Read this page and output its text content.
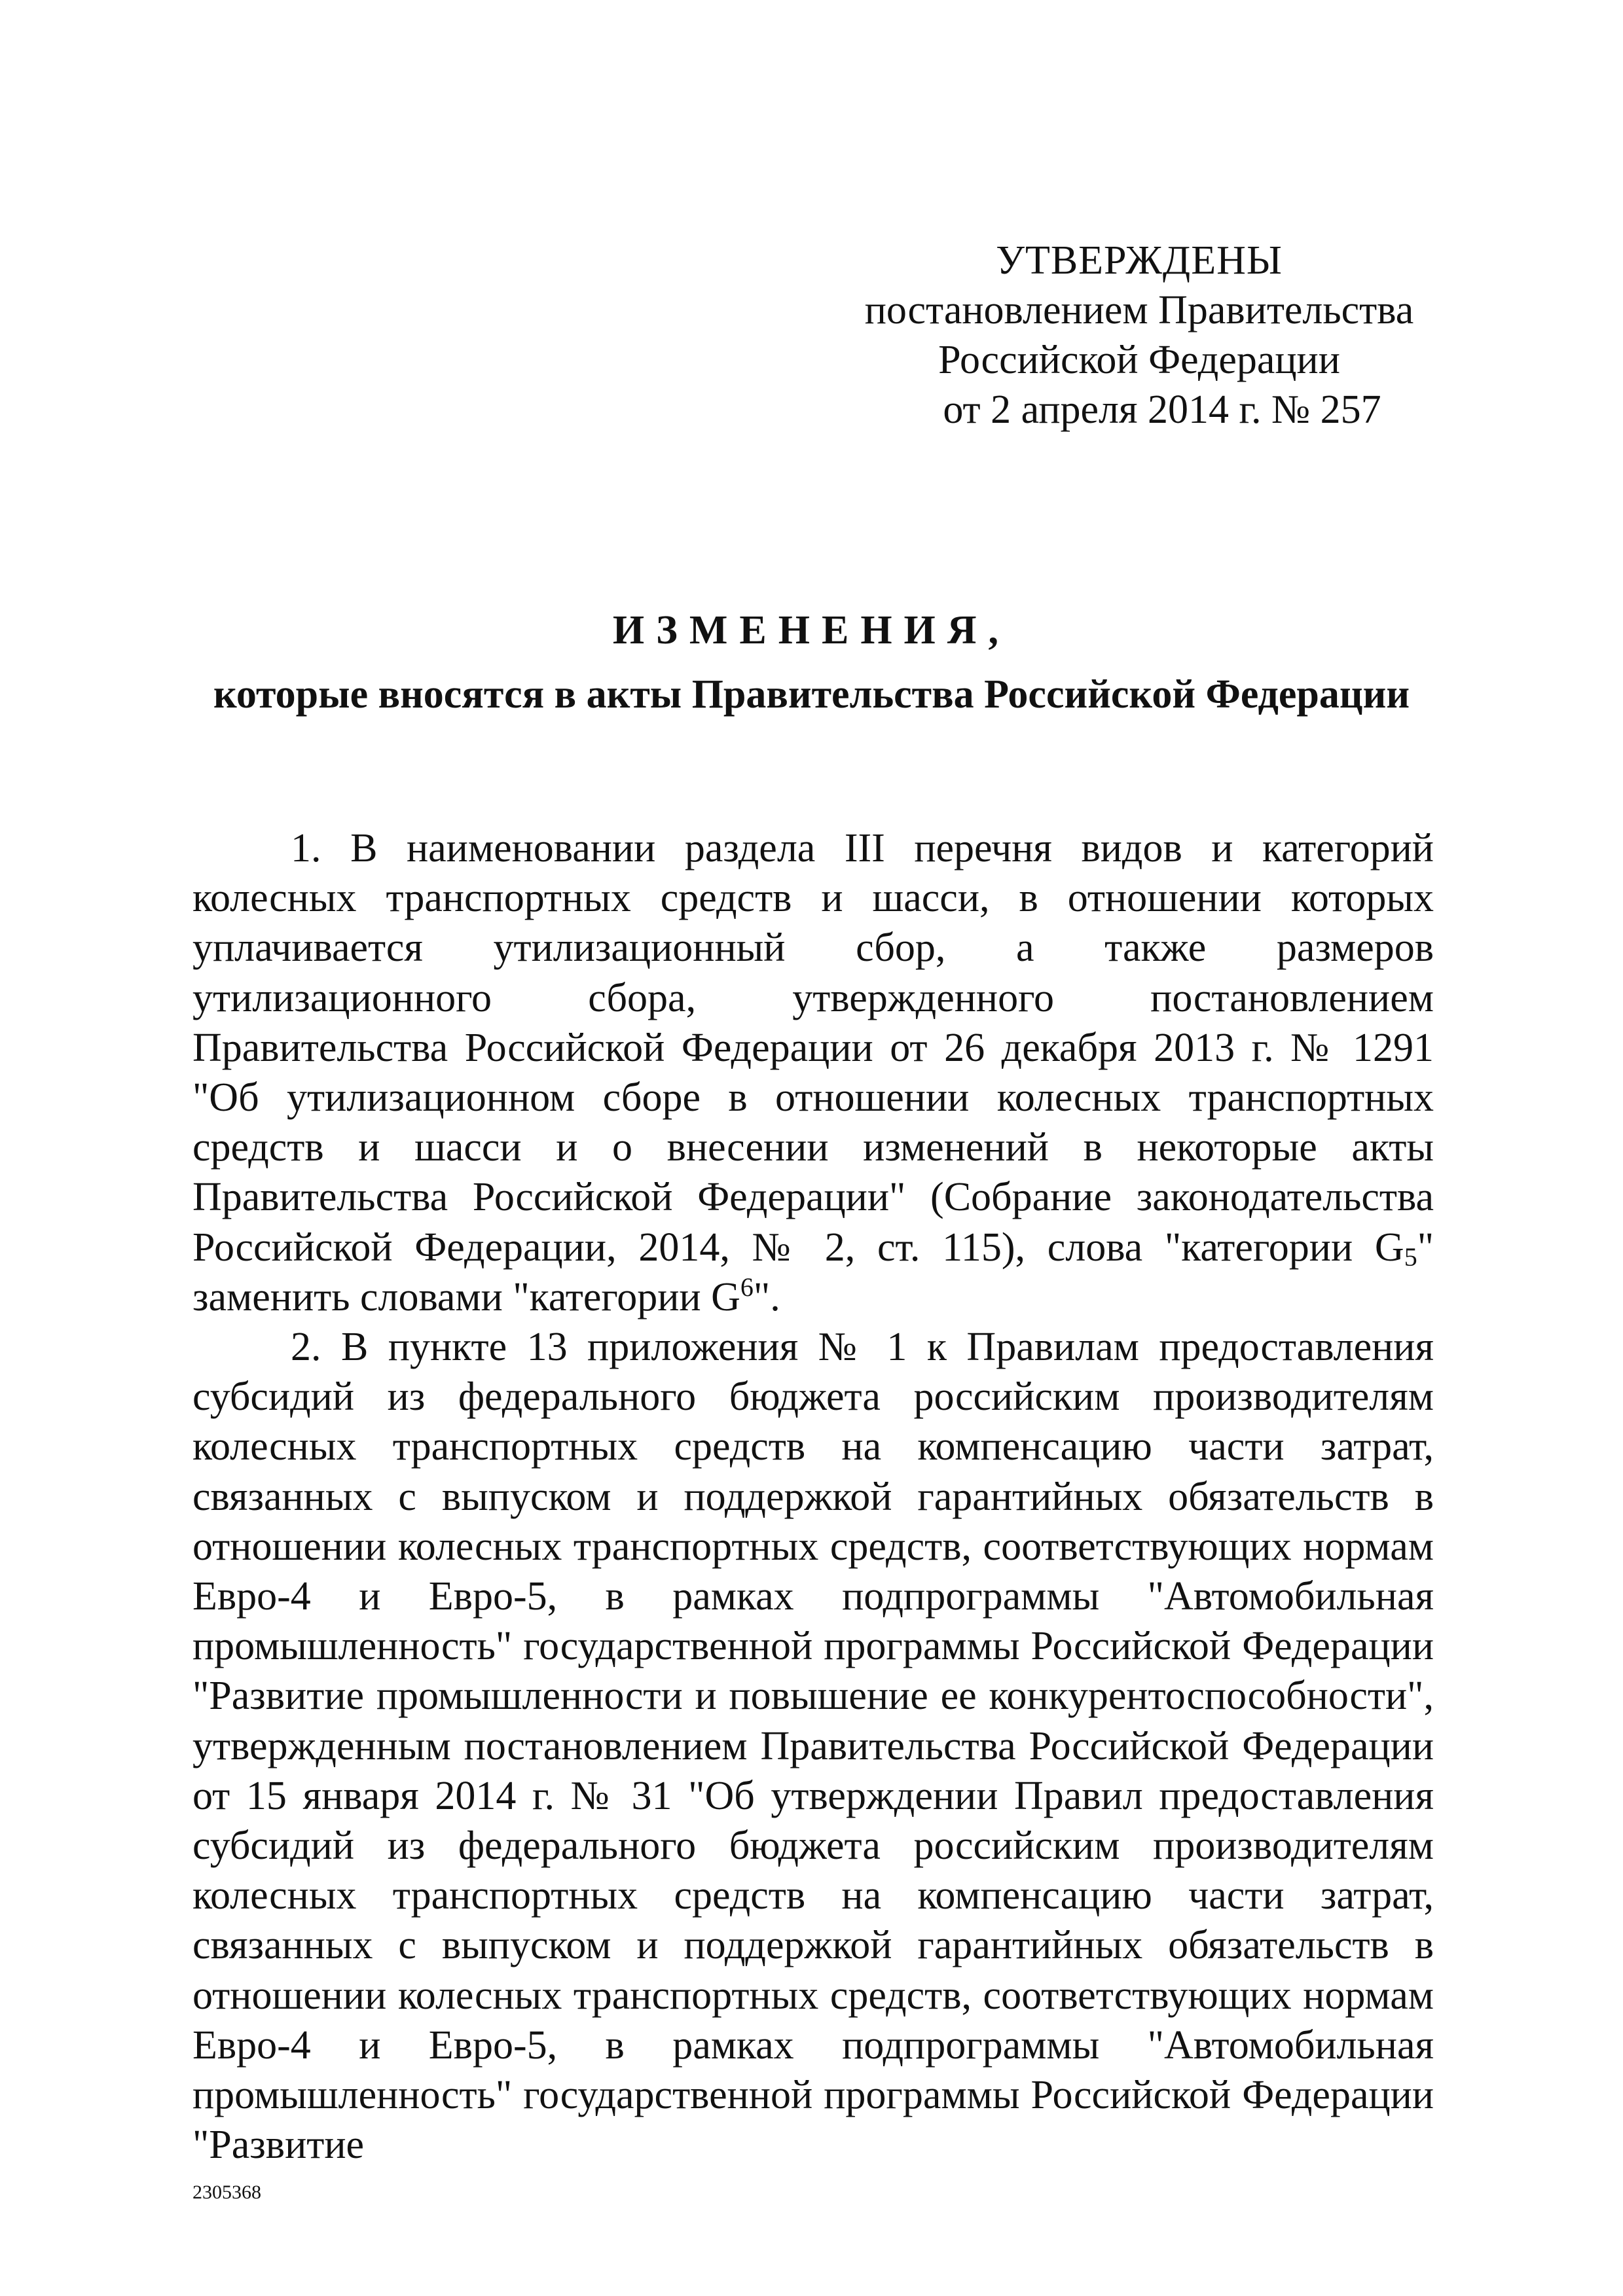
УТВЕРЖДЕНЫ
постановлением Правительства
Российской Федерации
от 2 апреля 2014 г. № 257
ИЗМЕНЕНИЯ,
которые вносятся в акты Правительства Российской Федерации

1. В наименовании раздела III перечня видов и категорий колесных транспортных средств и шасси, в отношении которых уплачивается утилизационный сбор, а также размеров утилизационного сбора, утвержденного постановлением Правительства Российской Федерации от 26 декабря 2013 г. № 1291 "Об утилизационном сборе в отношении колесных транспортных средств и шасси и о внесении изменений в некоторые акты Правительства Российской Федерации" (Собрание законодательства Российской Федерации, 2014, № 2, ст. 115), слова "категории $G_5$" заменить словами "категории $G^6$".

2. В пункте 13 приложения № 1 к Правилам предоставления субсидий из федерального бюджета российским производителям колесных транспортных средств на компенсацию части затрат, связанных с выпуском и поддержкой гарантийных обязательств в отношении колесных транспортных средств, соответствующих нормам Евро-4 и Евро-5, в рамках подпрограммы "Автомобильная промышленность" государственной программы Российской Федерации "Развитие промышленности и повышение ее конкурентоспособности", утвержденным постановлением Правительства Российской Федерации от 15 января 2014 г. № 31 "Об утверждении Правил предоставления субсидий из федерального бюджета российским производителям колесных транспортных средств на компенсацию части затрат, связанных с выпуском и поддержкой гарантийных обязательств в отношении колесных транспортных средств, соответствующих нормам Евро-4 и Евро-5, в рамках подпрограммы "Автомобильная промышленность" государственной программы Российской Федерации "Развитие

2305368
